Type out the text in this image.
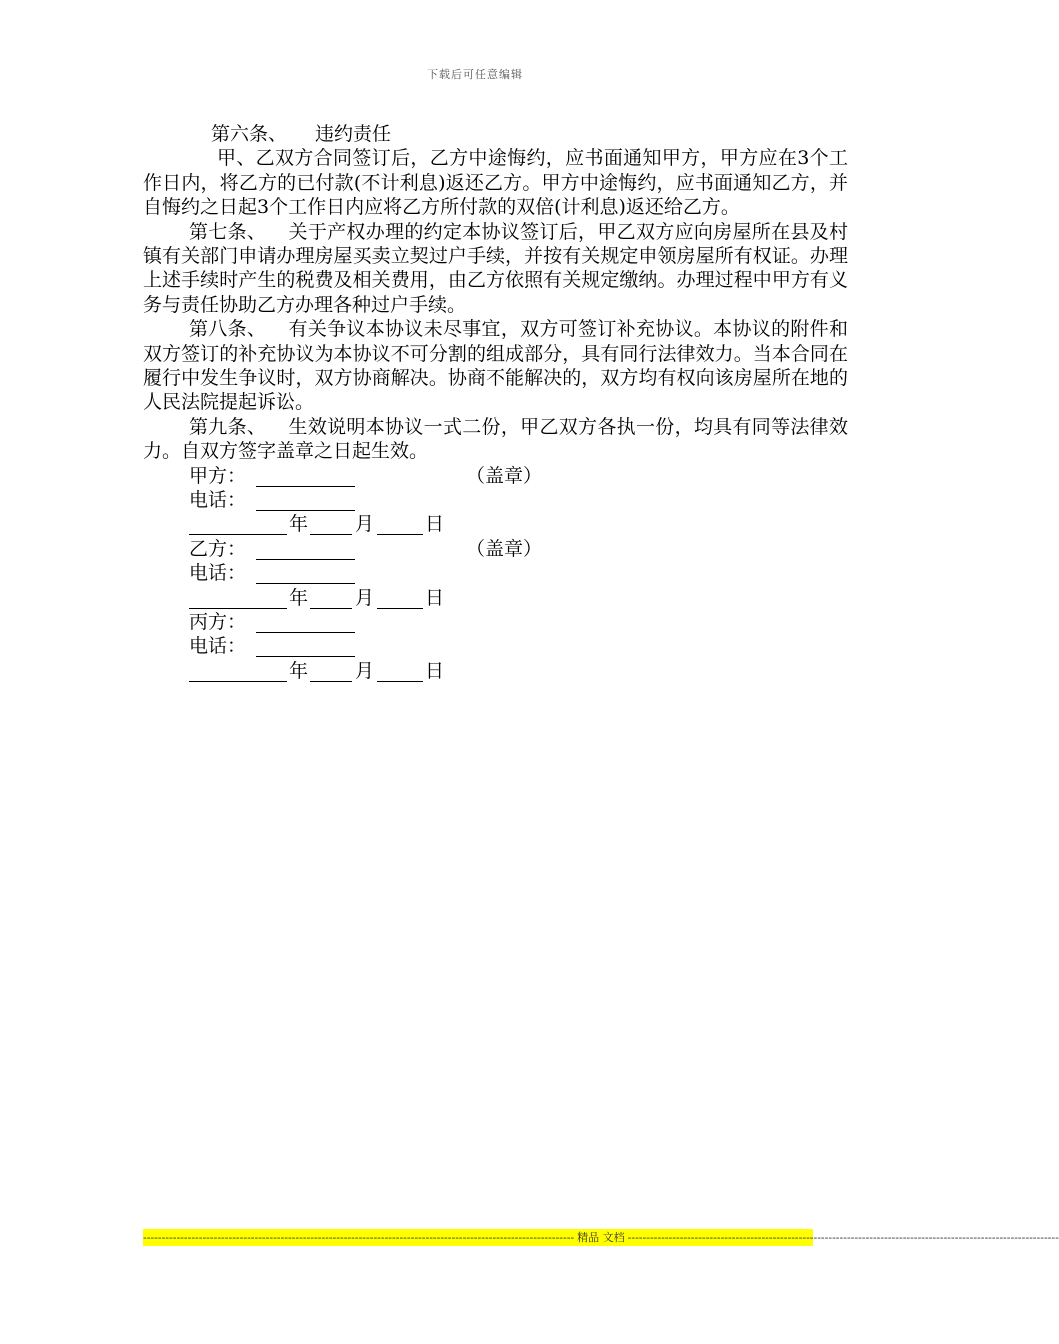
下载后可任意编辑

第六条、 违约责任

甲、乙双方合同签订后，乙方中途悔约，应书面通知甲方，甲方应在3个工作日内，将乙方的已付款(不计利息)返还乙方。甲方中途悔约，应书面通知乙方，并自悔约之日起3个工作日内应将乙方所付款的双倍(计利息)返还给乙方。

第七条、 关于产权办理的约定本协议签订后，甲乙双方应向房屋所在县及村镇有关部门申请办理房屋买卖立契过户手续，并按有关规定申领房屋所有权证。办理上述手续时产生的税费及相关费用，由乙方依照有关规定缴纳。办理过程中甲方有义务与责任协助乙方办理各种过户手续。

第八条、 有关争议本协议未尽事宜，双方可签订补充协议。本协议的附件和双方签订的补充协议为本协议不可分割的组成部分，具有同行法律效力。当本合同在履行中发生争议时，双方协商解决。协商不能解决的，双方均有权向该房屋所在地的人民法院提起诉讼。

第九条、 生效说明本协议一式二份，甲乙双方各执一份，均具有同等法律效力。自双方签字盖章之日起生效。

甲方：	（盖章）
电话：
年 月	日
乙方：	（盖章）
电话：
年 月	日
丙方：
电话：
年 月	日
-------------------------------------------------------------------------------------------------------------------- 精品 文档 --------------------------------------------------------------------------------------------------------------------
